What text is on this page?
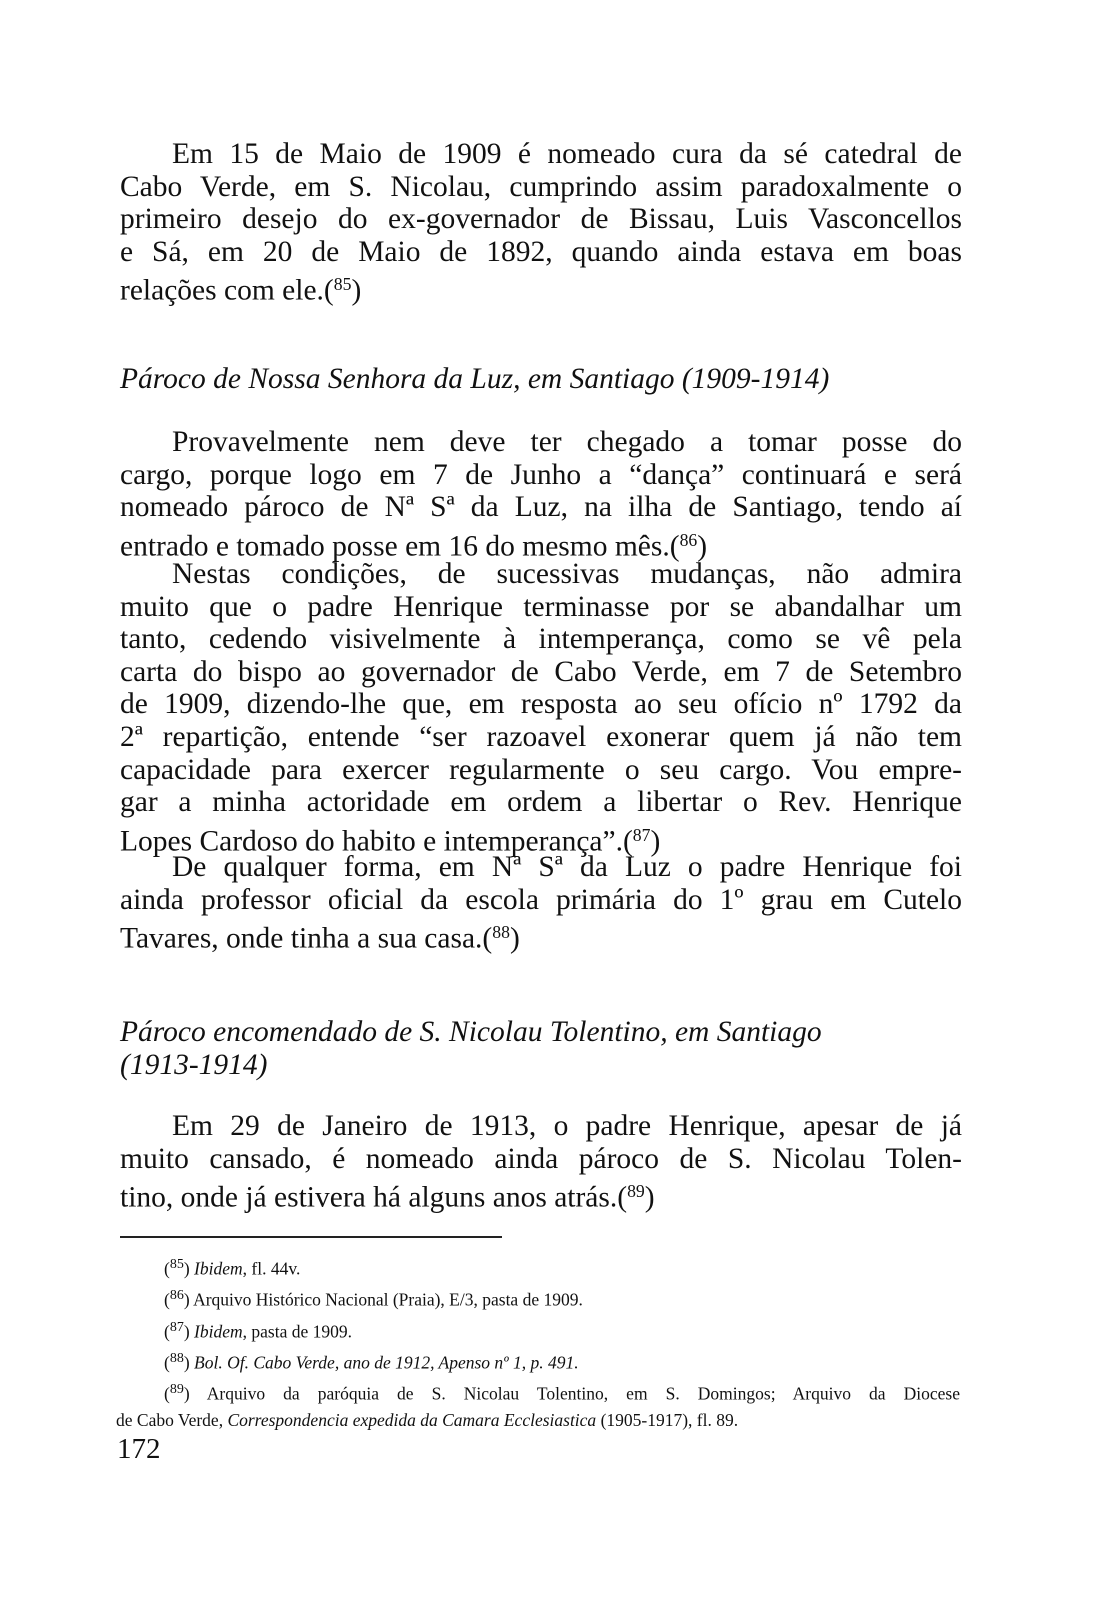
Em 15 de Maio de 1909 é nomeado cura da sé catedral de
Cabo Verde, em S. Nicolau, cumprindo assim paradoxalmente o
primeiro desejo do ex-governador de Bissau, Luis Vasconcellos
e Sá, em 20 de Maio de 1892, quando ainda estava em boas
relações com ele.($^{85}$)
Pároco de Nossa Senhora da Luz, em Santiago (1909-1914)
Provavelmente nem deve ter chegado a tomar posse do
cargo, porque logo em 7 de Junho a “dança” continuará e será
nomeado pároco de Nª Sª da Luz, na ilha de Santiago, tendo aí
entrado e tomado posse em 16 do mesmo mês.($^{86}$)
Nestas condições, de sucessivas mudanças, não admira
muito que o padre Henrique terminasse por se abandalhar um
tanto, cedendo visivelmente à intemperança, como se vê pela
carta do bispo ao governador de Cabo Verde, em 7 de Setembro
de 1909, dizendo-lhe que, em resposta ao seu ofício nº 1792 da
2ª repartição, entende “ser razoavel exonerar quem já não tem
capacidade para exercer regularmente o seu cargo. Vou empre-
gar a minha actoridade em ordem a libertar o Rev. Henrique
Lopes Cardoso do habito e intemperança”.($^{87}$)
De qualquer forma, em Nª Sª da Luz o padre Henrique foi
ainda professor oficial da escola primária do 1º grau em Cutelo
Tavares, onde tinha a sua casa.($^{88}$)
Pároco encomendado de S. Nicolau Tolentino, em Santiago
(1913-1914)
Em 29 de Janeiro de 1913, o padre Henrique, apesar de já
muito cansado, é nomeado ainda pároco de S. Nicolau Tolen-
tino, onde já estivera há alguns anos atrás.($^{89}$)
($^{85}$) Ibidem, fl. 44v.
($^{86}$) Arquivo Histórico Nacional (Praia), E/3, pasta de 1909.
($^{87}$) Ibidem, pasta de 1909.
($^{88}$) Bol. Of. Cabo Verde, ano de 1912, Apenso nº 1, p. 491.
($^{89}$) Arquivo da paróquia de S. Nicolau Tolentino, em S. Domingos; Arquivo da Diocese
de Cabo Verde, Correspondencia expedida da Camara Ecclesiastica (1905-1917), fl. 89.
172
